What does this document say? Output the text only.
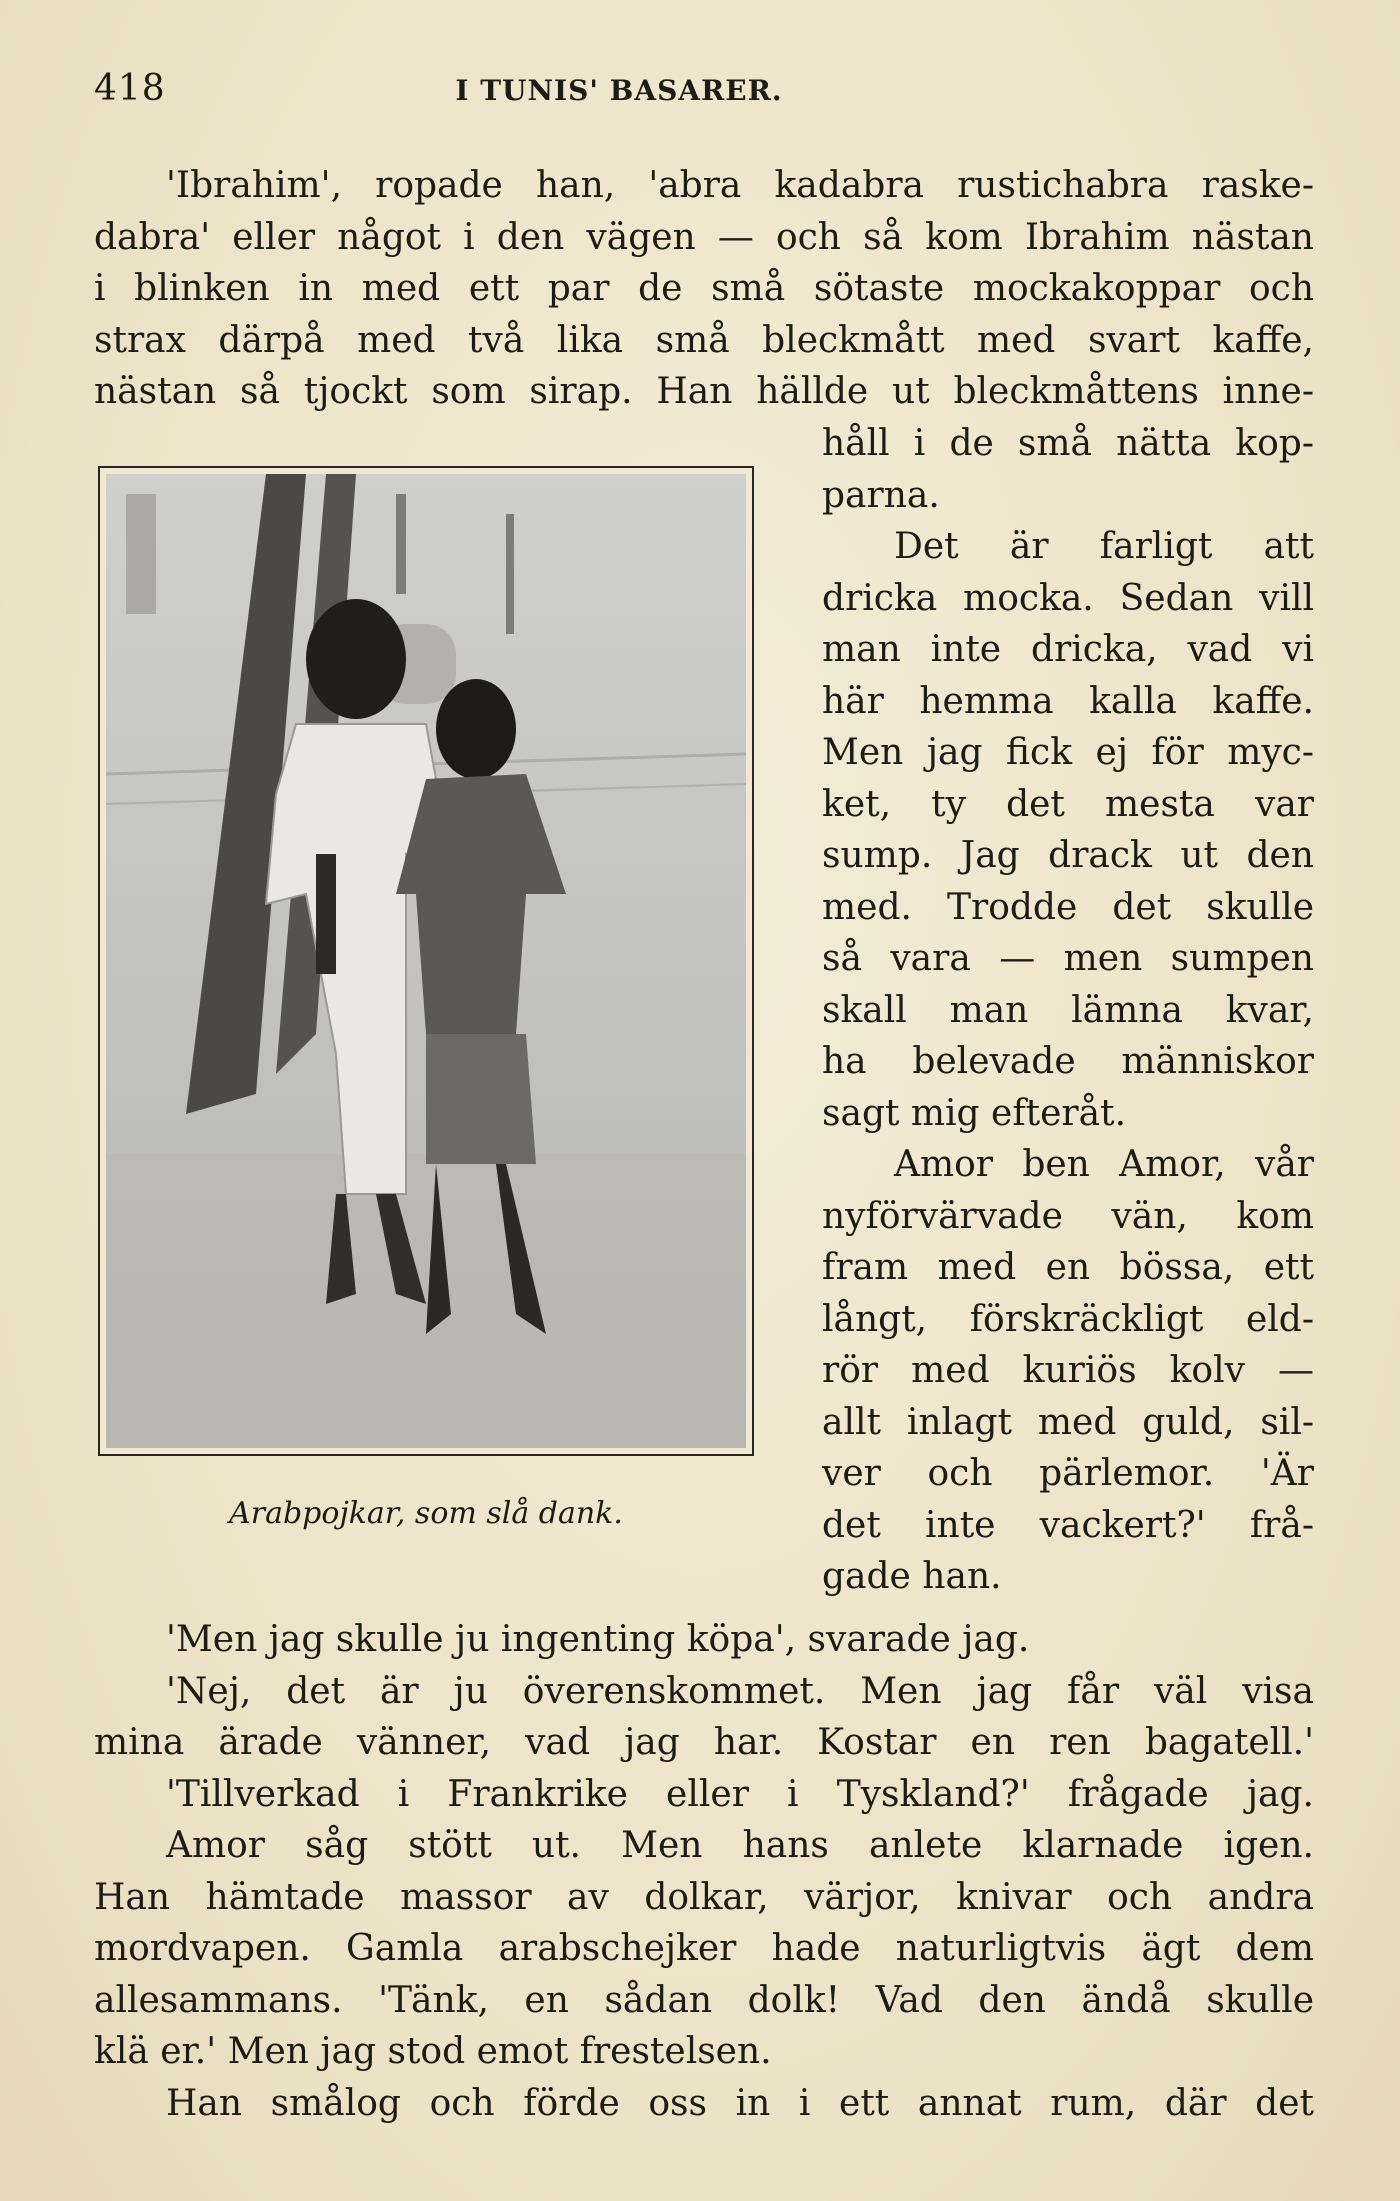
418	I TUNIS' BASARER.

'Ibrahim', ropade han, 'abra kadabra rustichabra raske-
dabra' eller något i den vägen — och så kom Ibrahim nästan
i blinken in med ett par de små sötaste mockakoppar och
strax därpå med två lika små bleckmått med svart kaffe,
nästan så tjockt som sirap. Han hällde ut bleckmåttens inne-

håll i de små nätta kop-
parna.
Det är farligt att
dricka mocka. Sedan vill
man inte dricka, vad vi
här hemma kalla kaffe.
Men jag fick ej för myc-
ket, ty det mesta var
sump. Jag drack ut den
med. Trodde det skulle
så vara — men sumpen
skall man lämna kvar,
ha belevade människor
sagt mig efteråt.
Amor ben Amor, vår
nyförvärvade vän, kom
fram med en bössa, ett
långt, förskräckligt eld-
rör med kuriös kolv —
allt inlagt med guld, sil-
ver och pärlemor. 'Är
det inte vackert?' frå-
gade han.

Arabpojkar, som slå dank.

'Men jag skulle ju ingenting köpa', svarade jag.
'Nej, det är ju överenskommet. Men jag får väl visa
mina ärade vänner, vad jag har. Kostar en ren bagatell.'
'Tillverkad i Frankrike eller i Tyskland?' frågade jag.
Amor såg stött ut. Men hans anlete klarnade igen.
Han hämtade massor av dolkar, värjor, knivar och andra
mordvapen. Gamla arabschejker hade naturligtvis ägt dem
allesammans. 'Tänk, en sådan dolk! Vad den ändå skulle
klä er.' Men jag stod emot frestelsen.
Han smålog och förde oss in i ett annat rum, där det
